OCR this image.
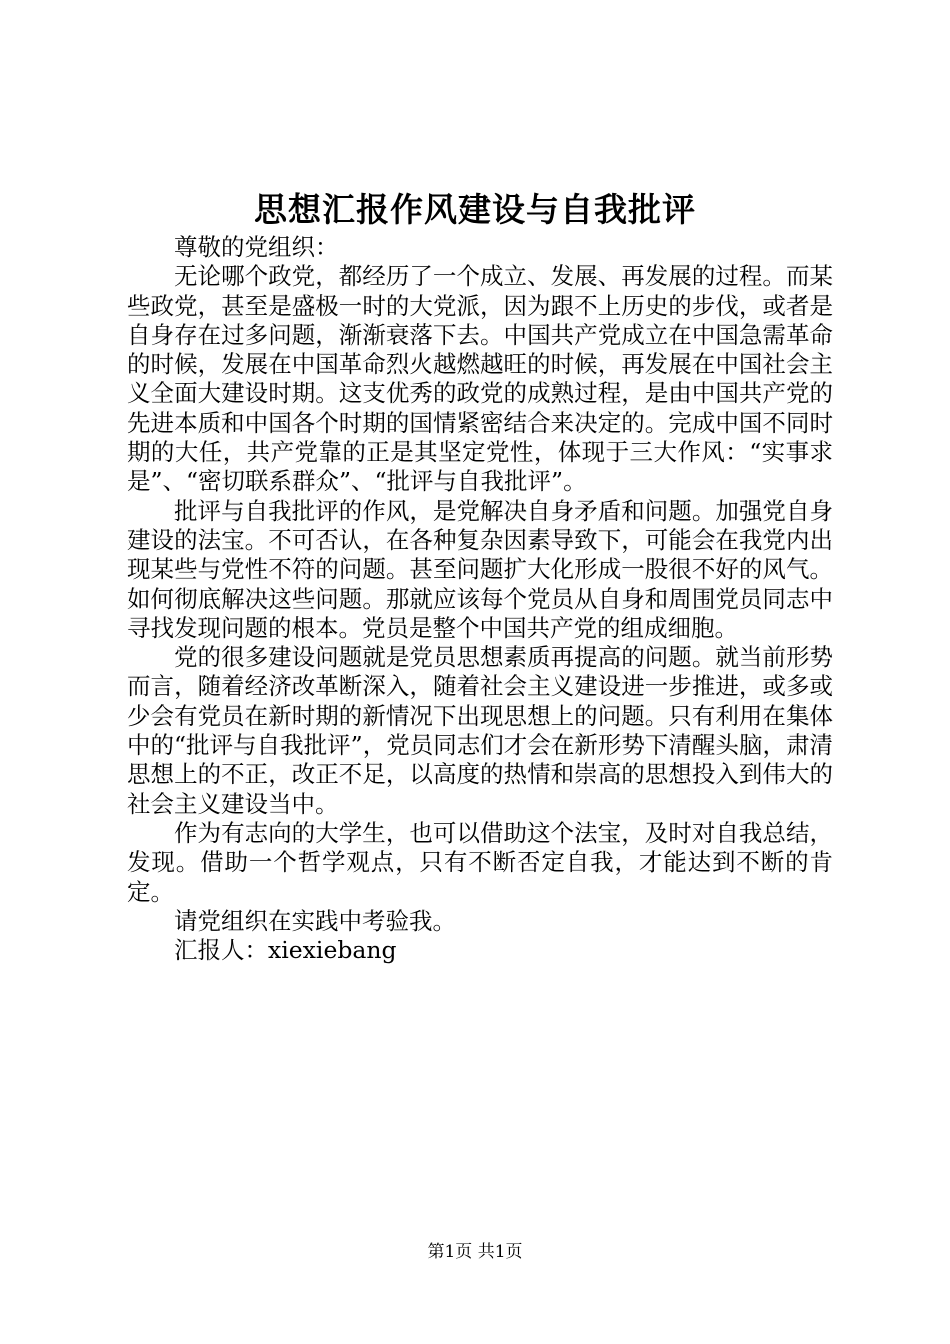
思想汇报作风建设与自我批评
尊敬的党组织：

无论哪个政党，都经历了一个成立、发展、再发展的过程。而某些政党，甚至是盛极一时的大党派，因为跟不上历史的步伐，或者是自身存在过多问题，渐渐衰落下去。中国共产党成立在中国急需革命的时候，发展在中国革命烈火越燃越旺的时候，再发展在中国社会主义全面大建设时期。这支优秀的政党的成熟过程，是由中国共产党的先进本质和中国各个时期的国情紧密结合来决定的。完成中国不同时期的大任，共产党靠的正是其坚定党性，体现于三大作风：“实事求是”、“密切联系群众”、“批评与自我批评”。

批评与自我批评的作风，是党解决自身矛盾和问题。加强党自身建设的法宝。不可否认，在各种复杂因素导致下，可能会在我党内出现某些与党性不符的问题。甚至问题扩大化形成一股很不好的风气。如何彻底解决这些问题。那就应该每个党员从自身和周围党员同志中寻找发现问题的根本。党员是整个中国共产党的组成细胞。

党的很多建设问题就是党员思想素质再提高的问题。就当前形势而言，随着经济改革断深入，随着社会主义建设进一步推进，或多或少会有党员在新时期的新情况下出现思想上的问题。只有利用在集体中的“批评与自我批评”，党员同志们才会在新形势下清醒头脑，肃清思想上的不正，改正不足，以高度的热情和崇高的思想投入到伟大的社会主义建设当中。

作为有志向的大学生，也可以借助这个法宝，及时对自我总结，发现。借助一个哲学观点，只有不断否定自我，才能达到不断的肯定。

请党组织在实践中考验我。

汇报人：xiexiebang

第1页 共1页
